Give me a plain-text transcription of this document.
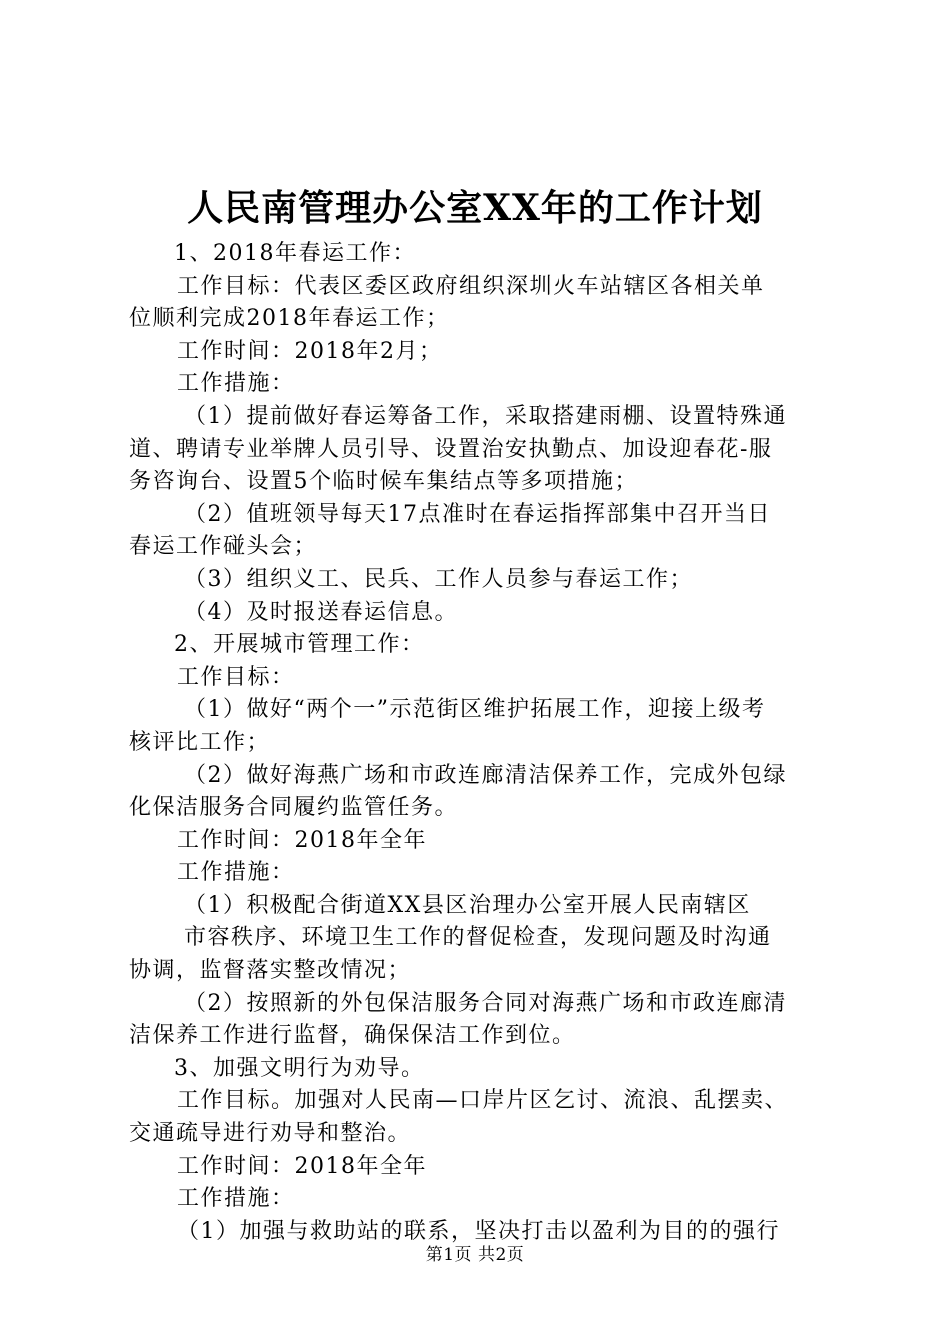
人民南管理办公室XX年的工作计划
1、2018年春运工作：
工作目标：代表区委区政府组织深圳火车站辖区各相关单
位顺利完成2018年春运工作；
工作时间：2018年2月；
工作措施：
（1）提前做好春运筹备工作，采取搭建雨棚、设置特殊通
道、聘请专业举牌人员引导、设置治安执勤点、加设迎春花-服
务咨询台、设置5个临时候车集结点等多项措施；
（2）值班领导每天17点准时在春运指挥部集中召开当日
春运工作碰头会；
（3）组织义工、民兵、工作人员参与春运工作；
（4）及时报送春运信息。
2、开展城市管理工作：
工作目标：
（1）做好“两个一”示范街区维护拓展工作，迎接上级考
核评比工作；
（2）做好海燕广场和市政连廊清洁保养工作，完成外包绿
化保洁服务合同履约监管任务。
工作时间：2018年全年
工作措施：
（1）积极配合街道XX县区治理办公室开展人民南辖区
市容秩序、环境卫生工作的督促检查，发现问题及时沟通
协调，监督落实整改情况；
（2）按照新的外包保洁服务合同对海燕广场和市政连廊清
洁保养工作进行监督，确保保洁工作到位。
3、加强文明行为劝导。
工作目标。加强对人民南—口岸片区乞讨、流浪、乱摆卖、
交通疏导进行劝导和整治。
工作时间：2018年全年
工作措施：
（1）加强与救助站的联系，坚决打击以盈利为目的的强行
第1页 共2页
